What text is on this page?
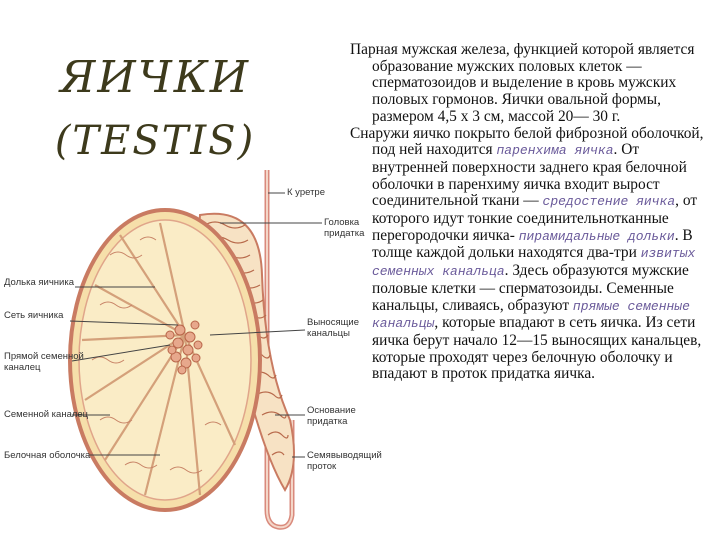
ЯИЧКИ
(TESTIS)
К уретре
Головка
придатка
Долька яичника
Сеть яичника
Прямой семенной
каналец
Семенной каналец
Белочная оболочка
Выносящие
канальцы
Основание
придатка
Семявыводящий
проток

Парная мужская железа, функцией которой является образование мужских половых клеток — сперматозоидов и выделение в кровь мужских половых гормонов. Яички овальной формы, размером 4,5 х 3 см, массой 20— 30 г.

Снаружи яичко покрыто белой фиброзной оболочкой, под ней находится паренхима яичка. От внутренней поверхности заднего края белочной оболочки в паренхиму яичка входит вырост соединительной ткани — средостение яичка, от которого идут тонкие соединительнотканные перегородочки яичка- пирамидальные дольки. В толще каждой дольки находятся два-три извитых семенных канальца. Здесь образуются мужские половые клетки — сперматозоиды. Семенные канальцы, сливаясь, образуют прямые семенные канальцы, которые впадают в сеть яичка. Из сети яичка берут начало 12—15 выносящих канальцев, которые проходят через белочную оболочку и впадают в проток придатка яичка.
